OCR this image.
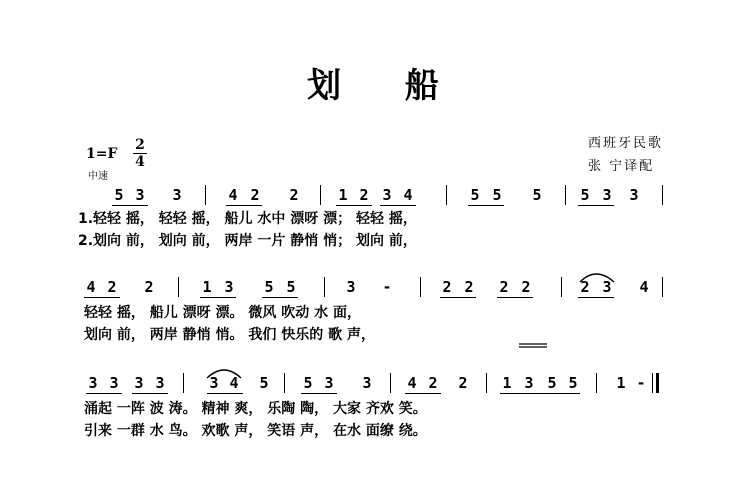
划 船
1=F
2
4
中速
西班牙民歌
张 宁译配
5 3 3	4 2 2	1 2 3 4	5 5 5	5 3 3
1.轻轻 摇， 轻轻 摇， 船儿 水中 漂呀 漂； 轻轻 摇，
2.划向 前， 划向 前， 两岸 一片 静悄 悄； 划向 前，
4 2 2	1 3 5 5	3 -	2 2 2 2	2 3 4
轻轻 摇， 船儿 漂呀 漂。 微风 吹动 水 面，
划向 前， 两岸 静悄 悄。 我们 快乐的 歌 声，
3 3 3 3	3 4 5 5 3 3 4 2 2 1 3 5 5	1 -
涌起 一阵 波 涛。 精神 爽， 乐陶 陶， 大家 齐欢 笑。
引来 一群 水 鸟。 欢歌 声， 笑语 声， 在水 面缭 绕。
